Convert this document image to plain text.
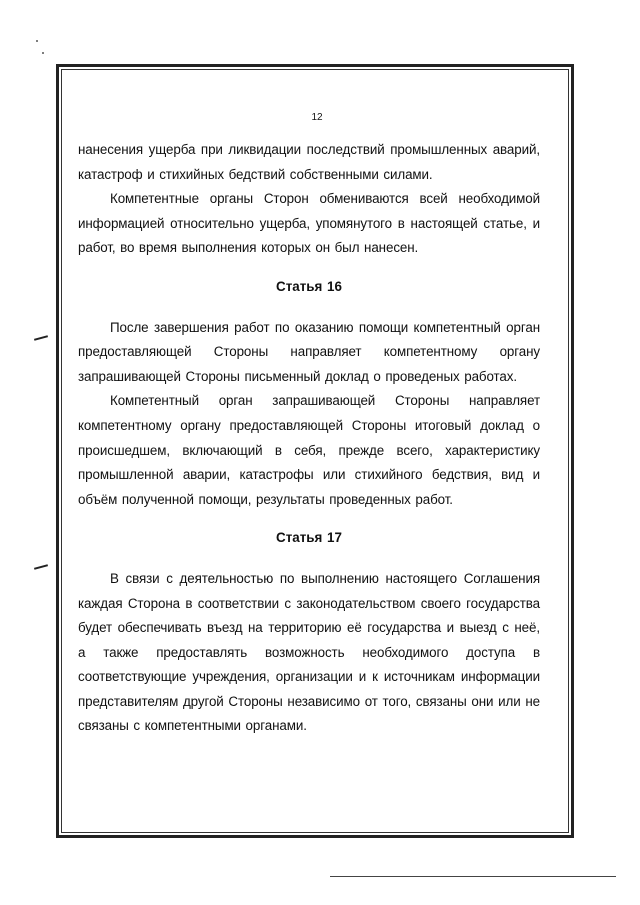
12

нанесения ущерба при ликвидации последствий промышленных аварий, катастроф и стихийных бедствий собственными силами.

Компетентные органы Сторон обмениваются всей необходимой информацией относительно ущерба, упомянутого в настоящей статье, и работ, во время выполнения которых он был нанесен.

Статья 16

После завершения работ по оказанию помощи компетентный орган предоставляющей Стороны направляет компетентному органу запрашивающей Стороны письменный доклад о проведеных работах.

Компетентный орган запрашивающей Стороны направляет компетентному органу предоставляющей Стороны итоговый доклад о происшедшем, включающий в себя, прежде всего, характеристику промышленной аварии, катастрофы или стихийного бедствия, вид и объём полученной помощи, результаты проведенных работ.

Статья 17

В связи с деятельностью по выполнению настоящего Соглашения каждая Сторона в соответствии с законодательством своего государства будет обеспечивать въезд на территорию её государства и выезд с неё, а также предоставлять возможность необходимого доступа в соответствующие учреждения, организации и к источникам информации представителям другой Стороны независимо от того, связаны они или не связаны с компетентными органами.
